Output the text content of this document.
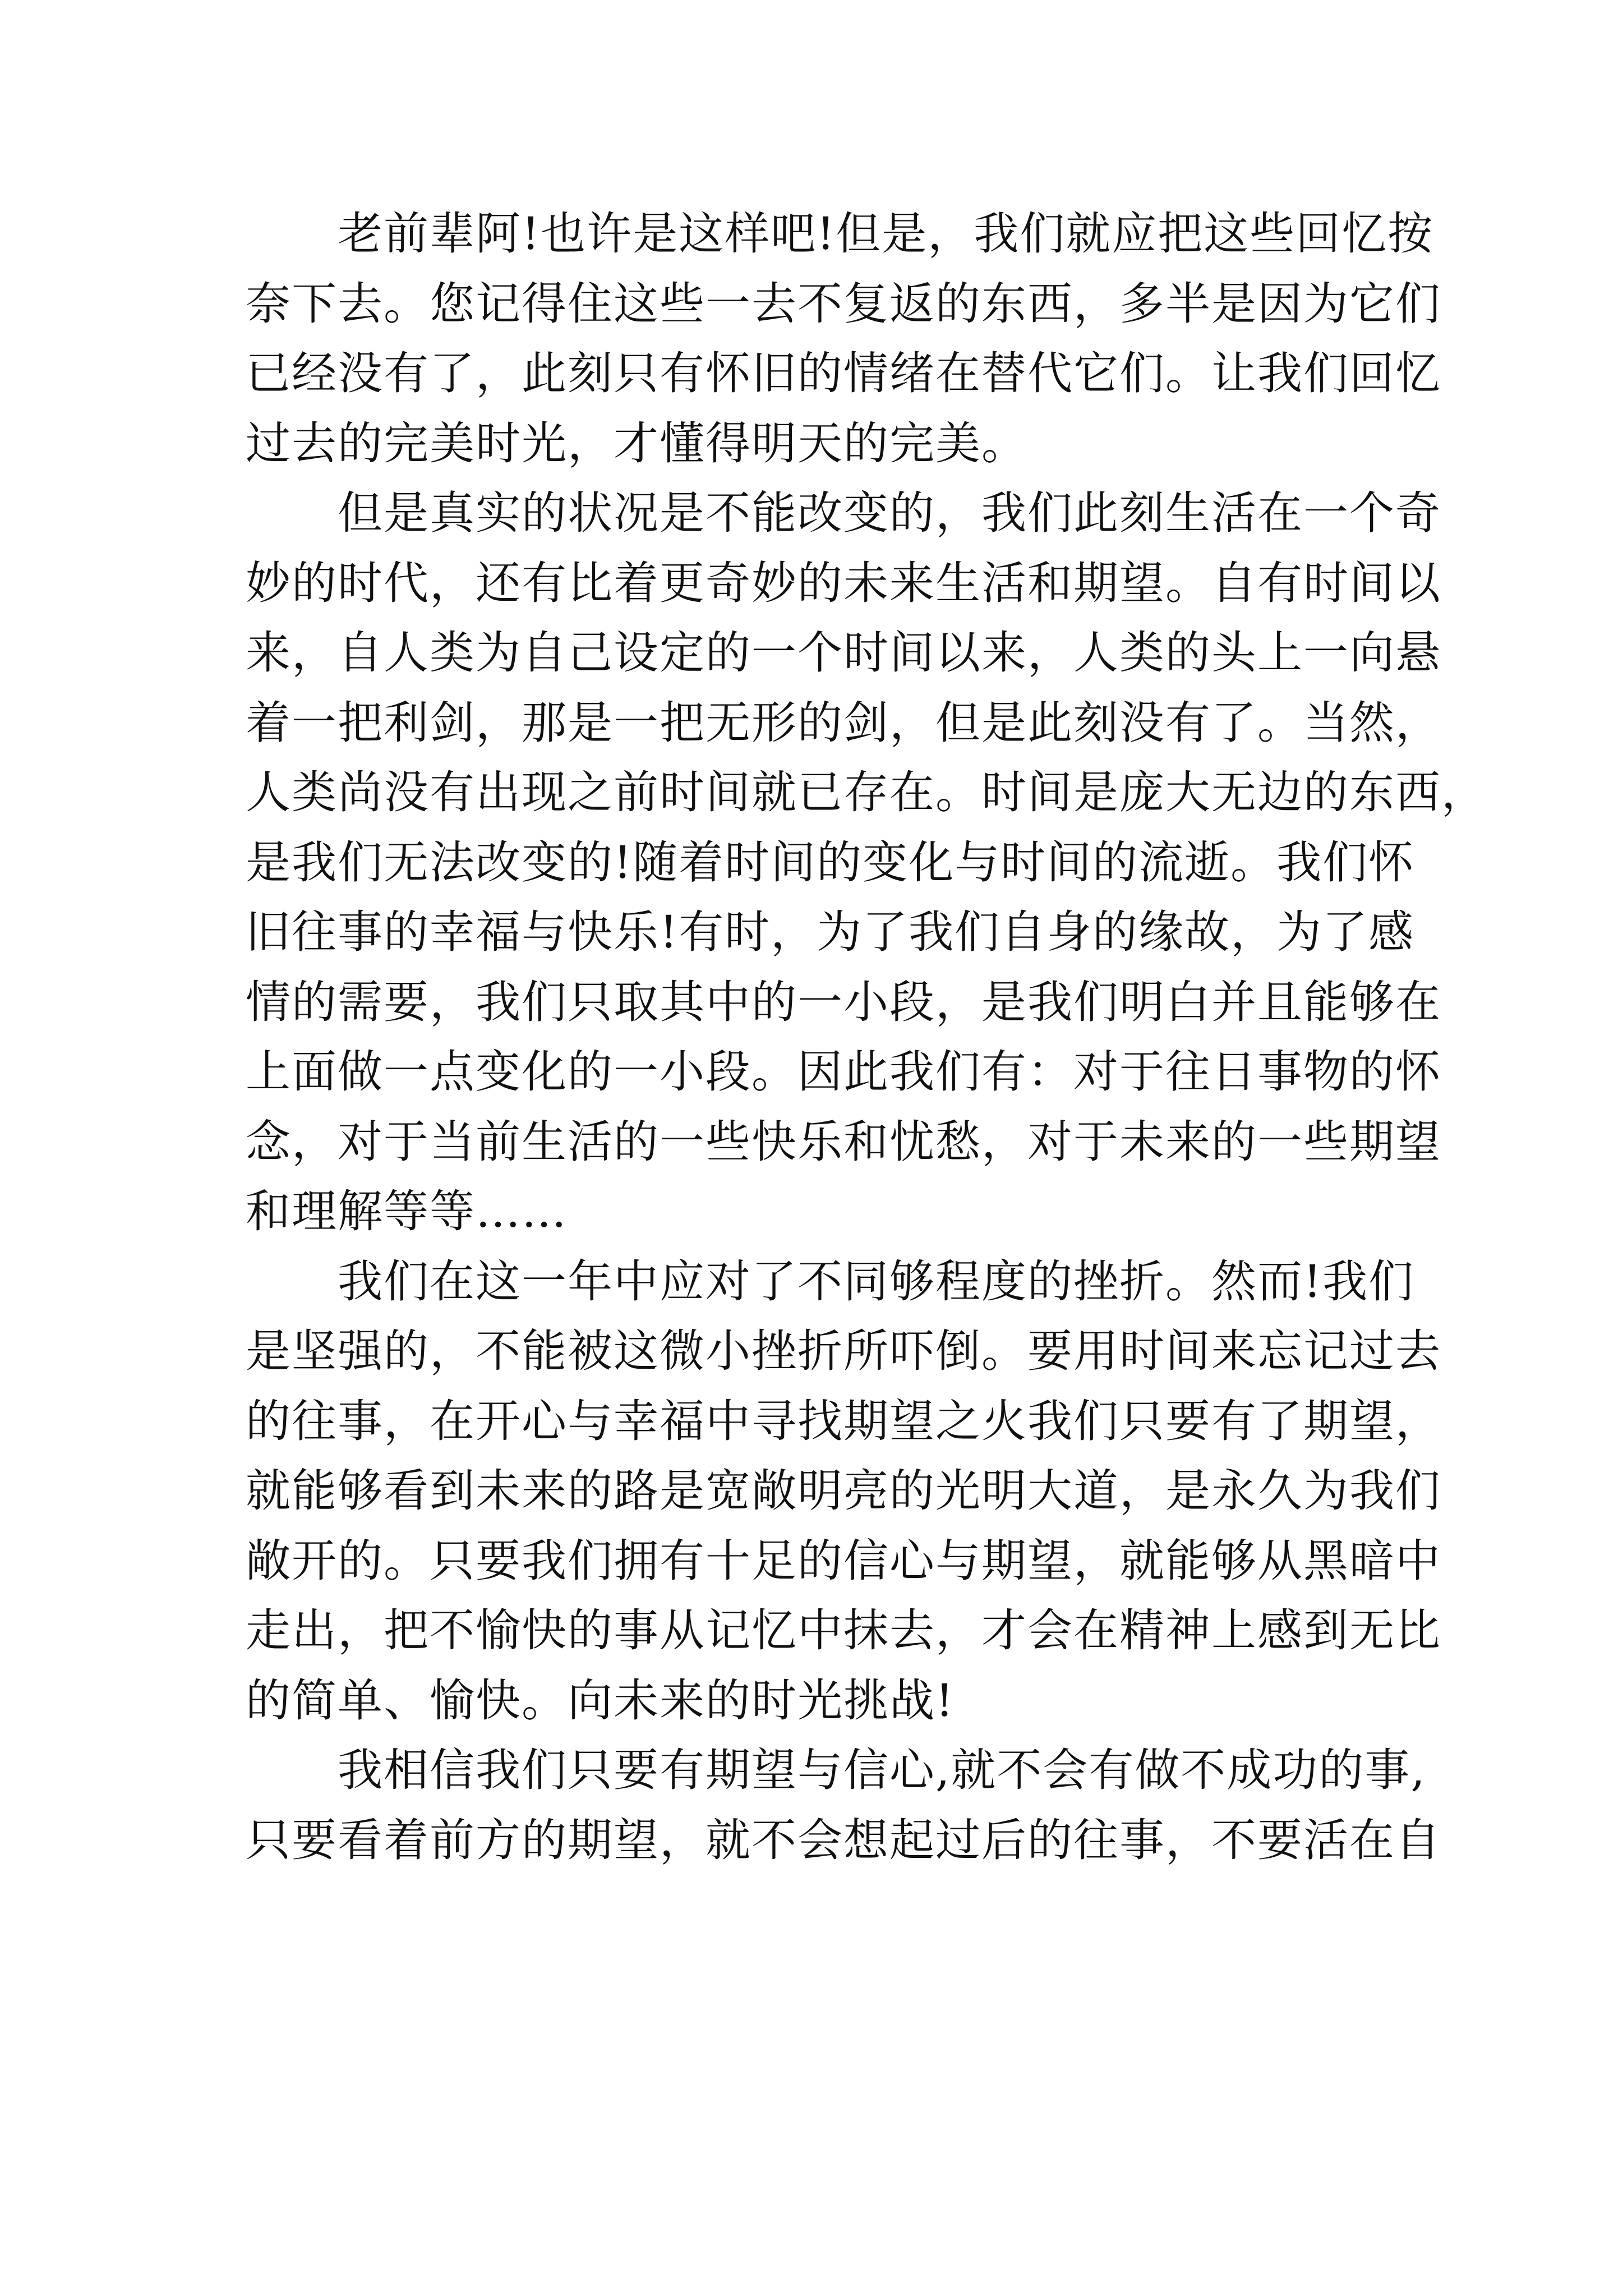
老前辈阿!也许是这样吧!但是，我们就应把这些回忆按
奈下去。您记得住这些一去不复返的东西，多半是因为它们
已经没有了，此刻只有怀旧的情绪在替代它们。让我们回忆
过去的完美时光，才懂得明天的完美。
但是真实的状况是不能改变的，我们此刻生活在一个奇
妙的时代，还有比着更奇妙的未来生活和期望。自有时间以
来，自人类为自己设定的一个时间以来，人类的头上一向悬
着一把利剑，那是一把无形的剑，但是此刻没有了。当然，
人类尚没有出现之前时间就已存在。时间是庞大无边的东西，
是我们无法改变的!随着时间的变化与时间的流逝。我们怀
旧往事的幸福与快乐!有时，为了我们自身的缘故，为了感
情的需要，我们只取其中的一小段，是我们明白并且能够在
上面做一点变化的一小段。因此我们有：对于往日事物的怀
念，对于当前生活的一些快乐和忧愁，对于未来的一些期望
和理解等等……
我们在这一年中应对了不同够程度的挫折。然而!我们
是坚强的，不能被这微小挫折所吓倒。要用时间来忘记过去
的往事，在开心与幸福中寻找期望之火我们只要有了期望，
就能够看到未来的路是宽敞明亮的光明大道，是永久为我们
敞开的。只要我们拥有十足的信心与期望，就能够从黑暗中
走出，把不愉快的事从记忆中抹去，才会在精神上感到无比
的简单、愉快。向未来的时光挑战!
我相信我们只要有期望与信心,就不会有做不成功的事,
只要看着前方的期望，就不会想起过后的往事，不要活在自
